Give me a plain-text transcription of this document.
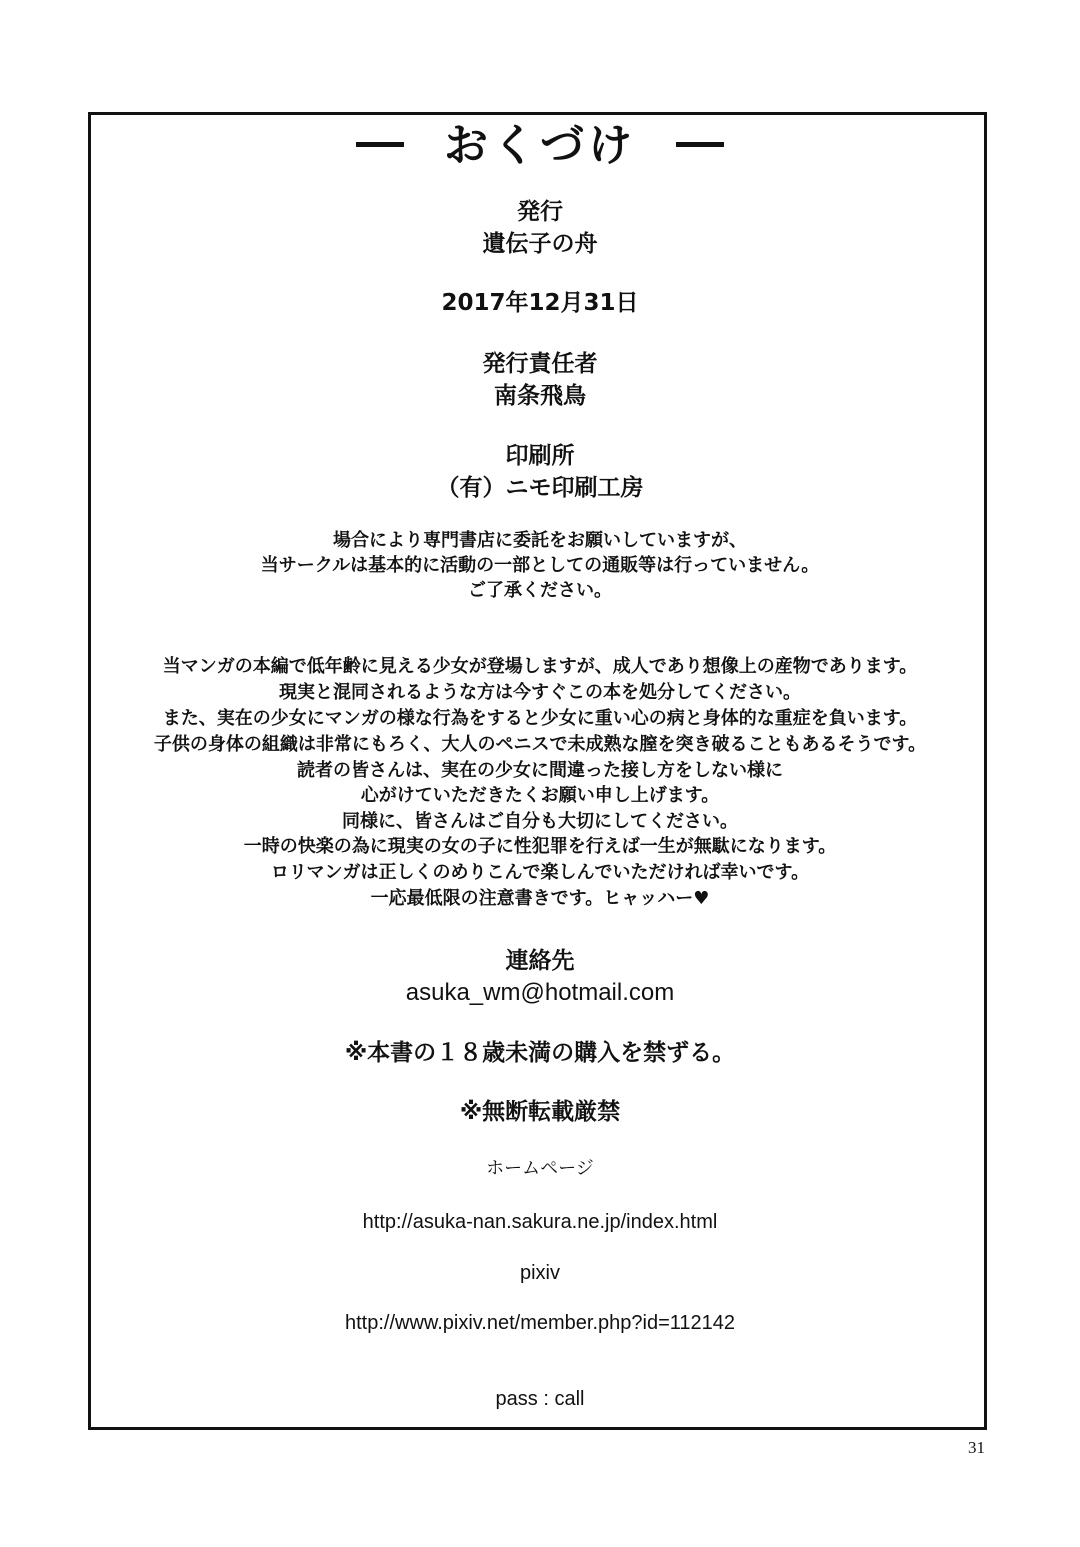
おくづけ
発行
遺伝子の舟
2017年12月31日
発行責任者
南条飛鳥
印刷所
（有）ニモ印刷工房
場合により専門書店に委託をお願いしていますが、
当サークルは基本的に活動の一部としての通販等は行っていません。
ご了承ください。
当マンガの本編で低年齢に見える少女が登場しますが、成人であり想像上の産物であります。
現実と混同されるような方は今すぐこの本を処分してください。
また、実在の少女にマンガの様な行為をすると少女に重い心の病と身体的な重症を負います。
子供の身体の組織は非常にもろく、大人のペニスで未成熟な膣を突き破ることもあるそうです。
読者の皆さんは、実在の少女に間違った接し方をしない様に
心がけていただきたくお願い申し上げます。
同様に、皆さんはご自分も大切にしてください。
一時の快楽の為に現実の女の子に性犯罪を行えば一生が無駄になります。
ロリマンガは正しくのめりこんで楽しんでいただければ幸いです。
一応最低限の注意書きです。ヒャッハー♥
連絡先
asuka_wm@hotmail.com
※本書の１８歳未満の購入を禁ずる。
※無断転載厳禁
ホームページ
http://asuka-nan.sakura.ne.jp/index.html
pixiv
http://www.pixiv.net/member.php?id=112142
pass : call
31
